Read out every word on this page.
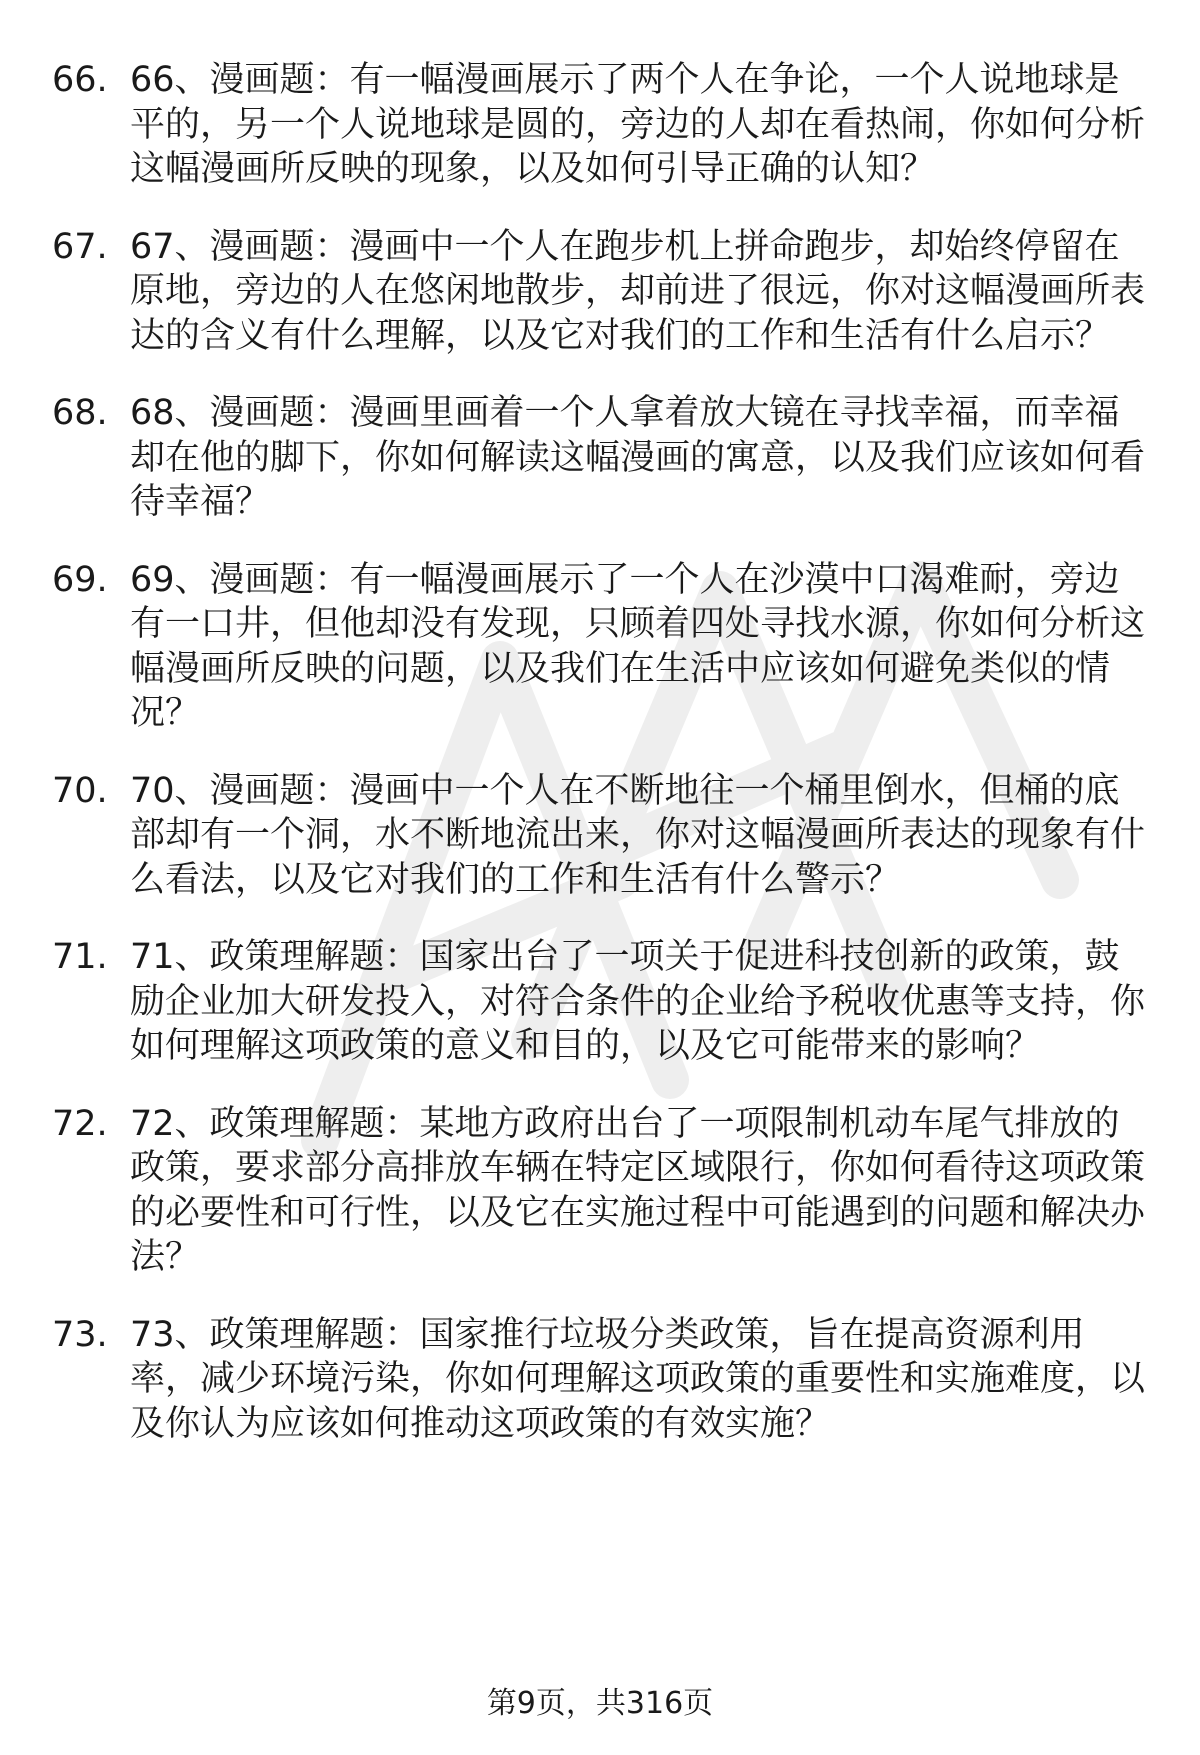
66. 66、漫画题：有一幅漫画展示了两个人在争论，一个人说地球是平的，另一个人说地球是圆的，旁边的人却在看热闹，你如何分析这幅漫画所反映的现象，以及如何引导正确的认知？
67. 67、漫画题：漫画中一个人在跑步机上拼命跑步，却始终停留在原地，旁边的人在悠闲地散步，却前进了很远，你对这幅漫画所表达的含义有什么理解，以及它对我们的工作和生活有什么启示？
68. 68、漫画题：漫画里画着一个人拿着放大镜在寻找幸福，而幸福却在他的脚下，你如何解读这幅漫画的寓意，以及我们应该如何看待幸福？
69. 69、漫画题：有一幅漫画展示了一个人在沙漠中口渴难耐，旁边有一口井，但他却没有发现，只顾着四处寻找水源，你如何分析这幅漫画所反映的问题，以及我们在生活中应该如何避免类似的情况？
70. 70、漫画题：漫画中一个人在不断地往一个桶里倒水，但桶的底部却有一个洞，水不断地流出来，你对这幅漫画所表达的现象有什么看法，以及它对我们的工作和生活有什么警示？
71. 71、政策理解题：国家出台了一项关于促进科技创新的政策，鼓励企业加大研发投入，对符合条件的企业给予税收优惠等支持，你如何理解这项政策的意义和目的，以及它可能带来的影响？
72. 72、政策理解题：某地方政府出台了一项限制机动车尾气排放的政策，要求部分高排放车辆在特定区域限行，你如何看待这项政策的必要性和可行性，以及它在实施过程中可能遇到的问题和解决办法？
73. 73、政策理解题：国家推行垃圾分类政策，旨在提高资源利用率，减少环境污染，你如何理解这项政策的重要性和实施难度，以及你认为应该如何推动这项政策的有效实施？
第9页，共316页
